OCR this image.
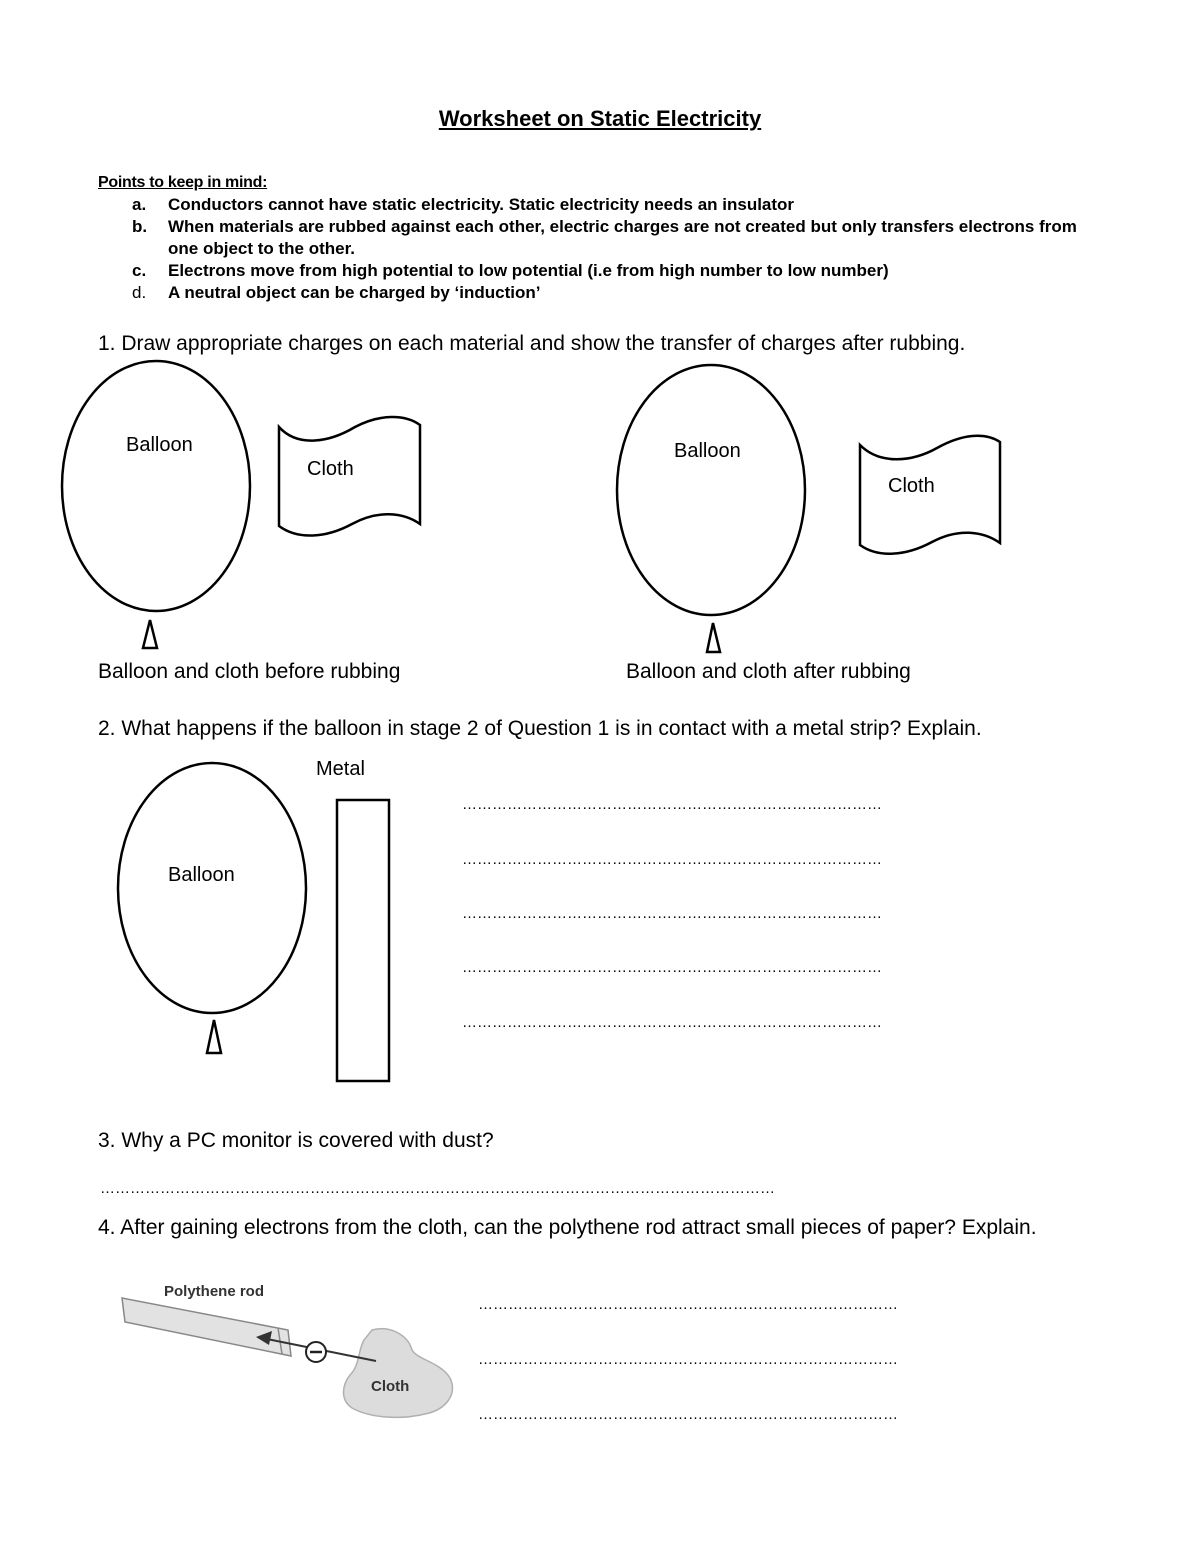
Worksheet on Static Electricity
Points to keep in mind:
a. Conductors cannot have static electricity. Static electricity needs an insulator
b. When materials are rubbed against each other, electric charges are not created but only transfers electrons from one object to the other.
c. Electrons move from high potential to low potential (i.e from high number to low number)
d. A neutral object can be charged by ‘induction’
1. Draw appropriate charges on each material and show the transfer of charges after rubbing.
Balloon
Cloth
Balloon and cloth before rubbing
Balloon
Cloth
Balloon and cloth after rubbing
2. What happens if the balloon in stage 2 of Question 1 is in contact with a metal strip? Explain.
Metal
Balloon
…………………………………………………………………………
…………………………………………………………………………
…………………………………………………………………………
…………………………………………………………………………
…………………………………………………………………………
3. Why a PC monitor is covered with dust?
………………………………………………………………………………………………………………………
4. After gaining electrons from the cloth, can the polythene rod attract small pieces of paper? Explain.
Polythene rod
Cloth
…………………………………………………………………………
…………………………………………………………………………
…………………………………………………………………………
